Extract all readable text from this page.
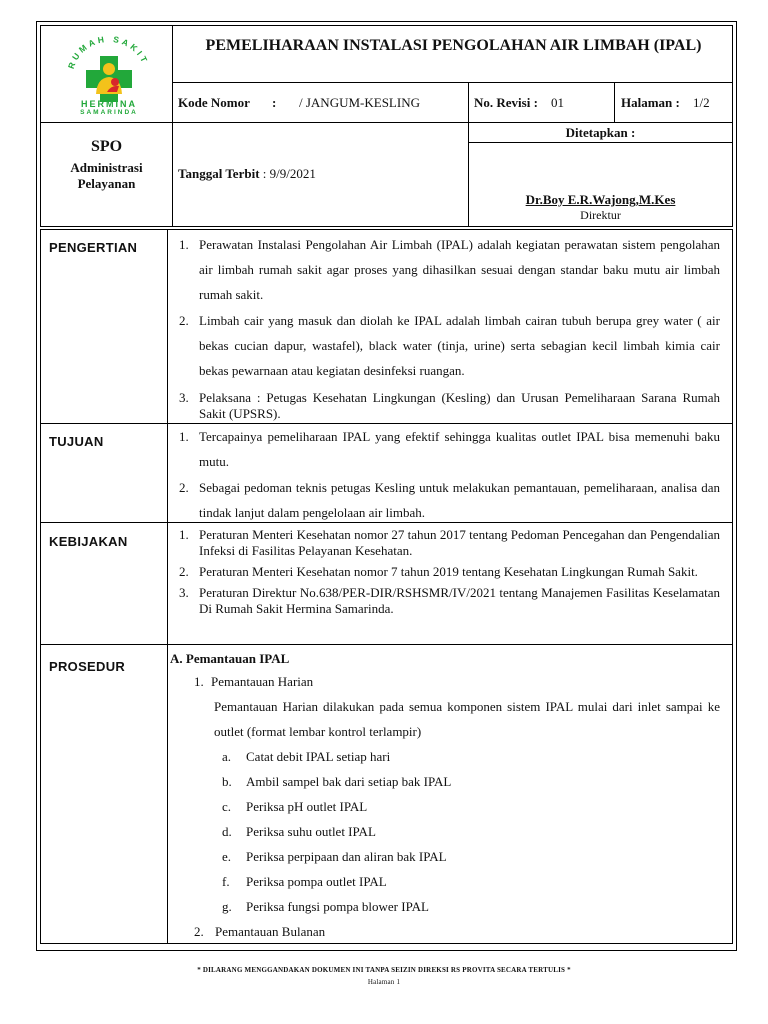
RUMAH SAKIT
HERMINA
SAMARINDA
PEMELIHARAAN INSTALASI PENGOLAHAN AIR LIMBAH (IPAL)
Kode Nomor : / JANGUM-KESLING	No. Revisi : 01	Halaman : 1/2
SPO
Administrasi Pelayanan
Tanggal Terbit : 9/9/2021
Ditetapkan :
Dr.Boy E.R.Wajong,M.Kes
Direktur
PENGERTIAN	1. Perawatan Instalasi Pengolahan Air Limbah (IPAL) adalah kegiatan perawatan sistem pengolahan air limbah rumah sakit agar proses yang dihasilkan sesuai dengan standar baku mutu air limbah rumah sakit.
2. Limbah cair yang masuk dan diolah ke IPAL adalah limbah cairan tubuh berupa grey water ( air bekas cucian dapur, wastafel), black water (tinja, urine) serta sebagian kecil limbah kimia cair bekas pewarnaan atau kegiatan desinfeksi ruangan.
3. Pelaksana : Petugas Kesehatan Lingkungan (Kesling) dan Urusan Pemeliharaan Sarana Rumah Sakit (UPSRS).
TUJUAN	1. Tercapainya pemeliharaan IPAL yang efektif sehingga kualitas outlet IPAL bisa memenuhi baku mutu.
2. Sebagai pedoman teknis petugas Kesling untuk melakukan pemantauan, pemeliharaan, analisa dan tindak lanjut dalam pengelolaan air limbah.
KEBIJAKAN	1. Peraturan Menteri Kesehatan nomor 27 tahun 2017 tentang Pedoman Pencegahan dan Pengendalian Infeksi di Fasilitas Pelayanan Kesehatan.
2. Peraturan Menteri Kesehatan nomor 7 tahun 2019 tentang Kesehatan Lingkungan Rumah Sakit.
3. Peraturan Direktur No.638/PER-DIR/RSHSMR/IV/2021 tentang Manajemen Fasilitas Keselamatan Di Rumah Sakit Hermina Samarinda.
PROSEDUR
A. Pemantauan IPAL
1. Pemantauan Harian
Pemantauan Harian dilakukan pada semua komponen sistem IPAL mulai dari inlet sampai ke outlet (format lembar kontrol terlampir)
a. Catat debit IPAL setiap hari
b. Ambil sampel bak dari setiap bak IPAL
c. Periksa pH outlet IPAL
d. Periksa suhu outlet IPAL
e. Periksa perpipaan dan aliran bak IPAL
f. Periksa pompa outlet IPAL
g. Periksa fungsi pompa blower IPAL
2. Pemantauan Bulanan
* DILARANG MENGGANDAKAN DOKUMEN INI TANPA SEIZIN DIREKSI RS PROVITA SECARA TERTULIS *
Halaman 1
